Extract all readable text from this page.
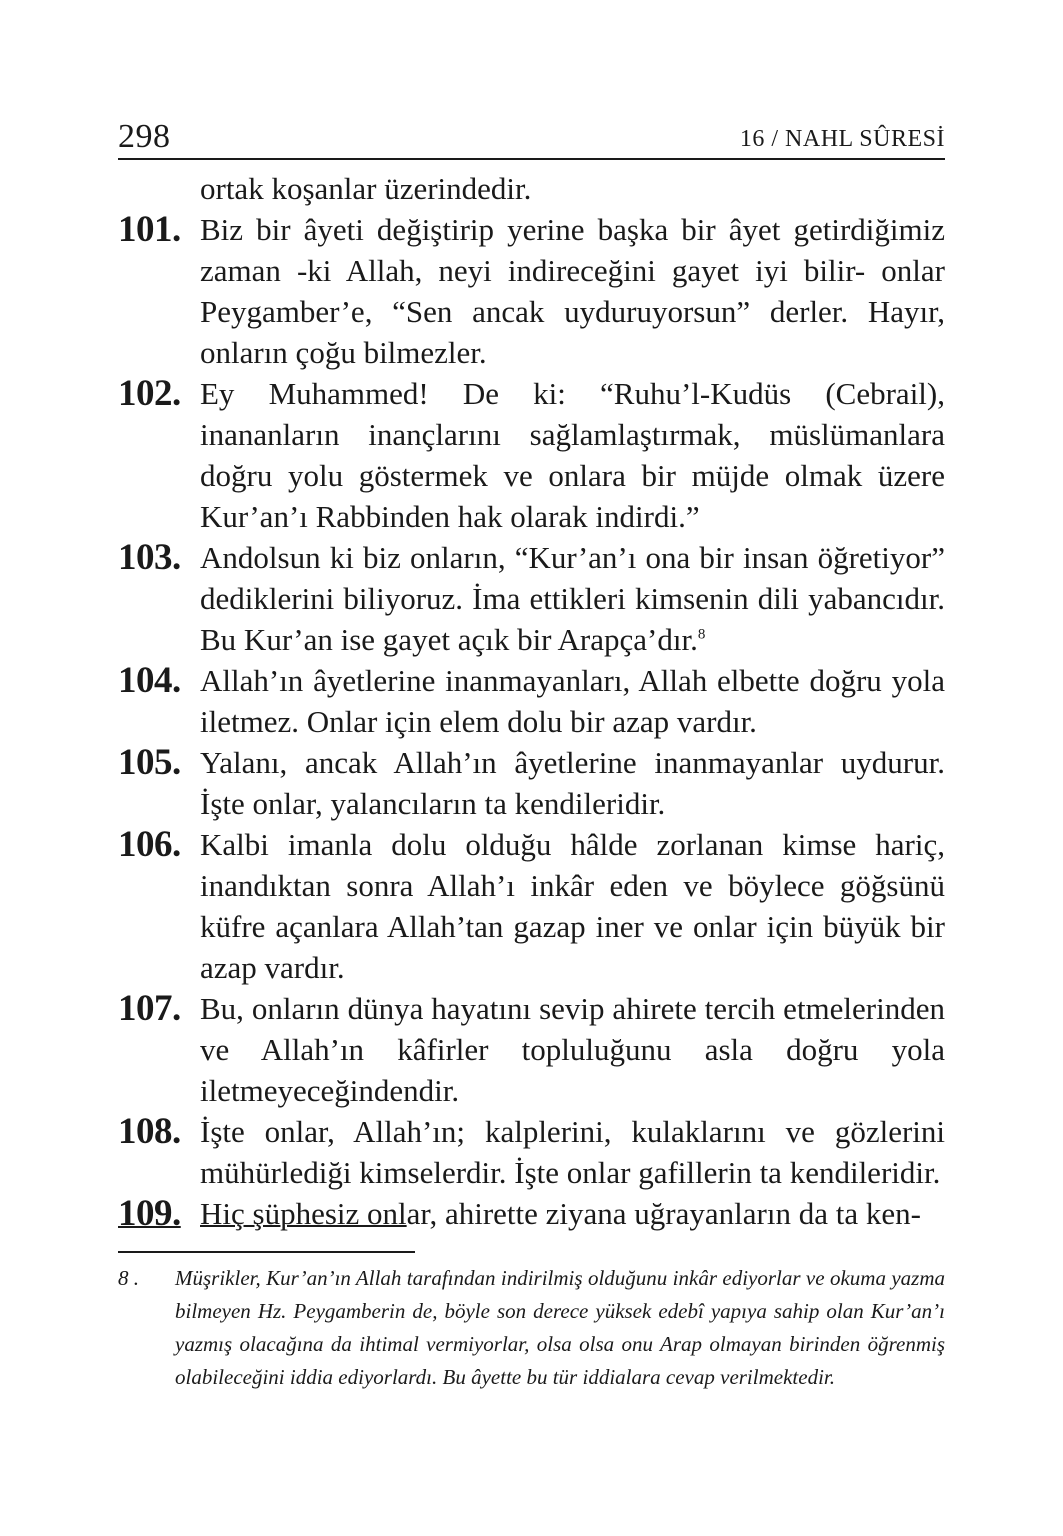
298	16 / NAHL SÛRESİ

ortak koşanlar üzerindedir.

101. Biz bir âyeti değiştirip yerine başka bir âyet getirdiğimiz zaman -ki Allah, neyi indireceğini gayet iyi bilir- onlar Peygamber’e, “Sen ancak uyduruyorsun” derler. Hayır, onların çoğu bilmezler.
102. Ey Muhammed! De ki: “Ruhu’l-Kudüs (Cebrail), inananların inançlarını sağlamlaştırmak, müslümanlara doğru yolu göstermek ve onlara bir müjde olmak üzere Kur’an’ı Rabbinden hak olarak indirdi.”
103. Andolsun ki biz onların, “Kur’an’ı ona bir insan öğretiyor” dediklerini biliyoruz. İma ettikleri kimsenin dili yabancıdır. Bu Kur’an ise gayet açık bir Arapça’dır.$^8$
104. Allah’ın âyetlerine inanmayanları, Allah elbette doğru yola iletmez. Onlar için elem dolu bir azap vardır.
105. Yalanı, ancak Allah’ın âyetlerine inanmayanlar uydurur. İşte onlar, yalancıların ta kendileridir.
106. Kalbi imanla dolu olduğu hâlde zorlanan kimse hariç, inandıktan sonra Allah’ı inkâr eden ve böylece göğsünü küfre açanlara Allah’tan gazap iner ve onlar için büyük bir azap vardır.
107. Bu, onların dünya hayatını sevip ahirete tercih etmelerinden ve Allah’ın kâfirler topluluğunu asla doğru yola iletmeyeceğindendir.
108. İşte onlar, Allah’ın; kalplerini, kulaklarını ve gözlerini mühürlediği kimselerdir. İşte onlar gafillerin ta kendileridir.
109. Hiç şüphesiz onlar, ahirette ziyana uğrayanların da ta ken-
8 .	Müşrikler, Kur’an’ın Allah tarafından indirilmiş olduğunu inkâr ediyorlar ve okuma yazma bilmeyen Hz. Peygamberin de, böyle son derece yüksek edebî yapıya sahip olan Kur’an’ı yazmış olacağına da ihtimal vermiyorlar, olsa olsa onu Arap olmayan birinden öğrenmiş olabileceğini iddia ediyorlardı. Bu âyette bu tür iddialara cevap verilmektedir.
